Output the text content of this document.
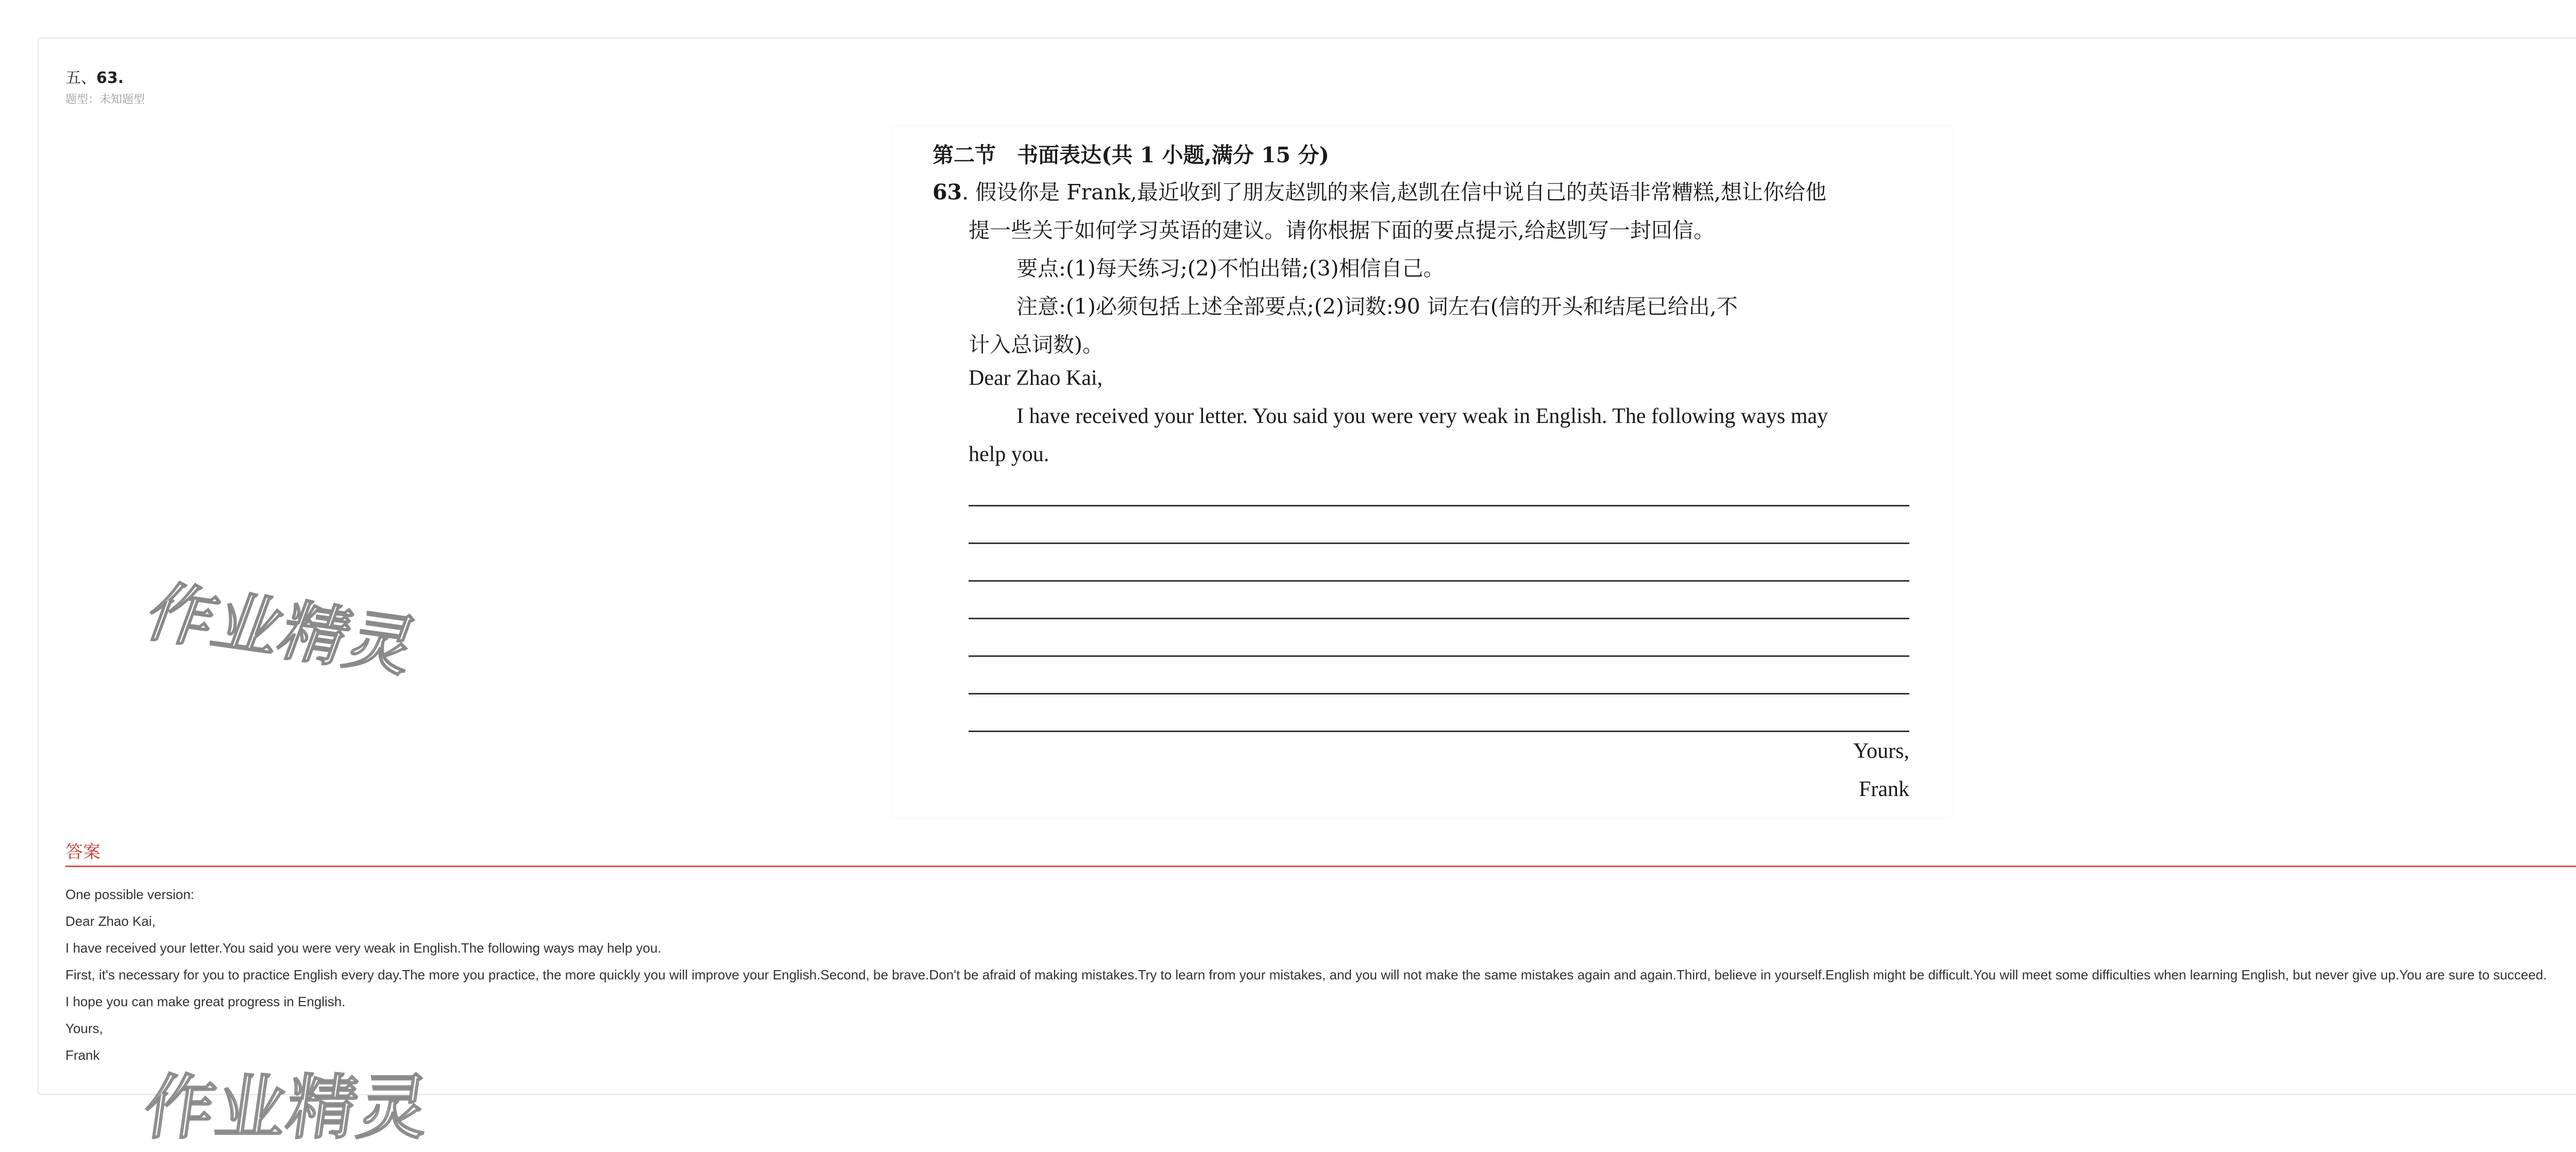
五、63.
题型：未知题型
第二节　书面表达(共 1 小题,满分 15 分)
63. 假设你是 Frank,最近收到了朋友赵凯的来信,赵凯在信中说自己的英语非常糟糕,想让你给他
提一些关于如何学习英语的建议。请你根据下面的要点提示,给赵凯写一封回信。
要点:(1)每天练习;(2)不怕出错;(3)相信自己。
注意:(1)必须包括上述全部要点;(2)词数:90 词左右(信的开头和结尾已给出,不
计入总词数)。
Dear Zhao Kai,
I have received your letter. You said you were very weak in English. The following ways may
help you.
Yours,
Frank
作业精灵
答案
One possible version:
Dear Zhao Kai,
I have received your letter.You said you were very weak in English.The following ways may help you.
First, it's necessary for you to practice English every day.The more you practice, the more quickly you will improve your English.Second, be brave.Don't be afraid of making mistakes.Try to learn from your mistakes, and you will not make the same mistakes again and again.Third, believe in yourself.English might be difficult.You will meet some difficulties when learning English, but never give up.You are sure to succeed.
I hope you can make great progress in English.
Yours,
Frank
作业精灵
